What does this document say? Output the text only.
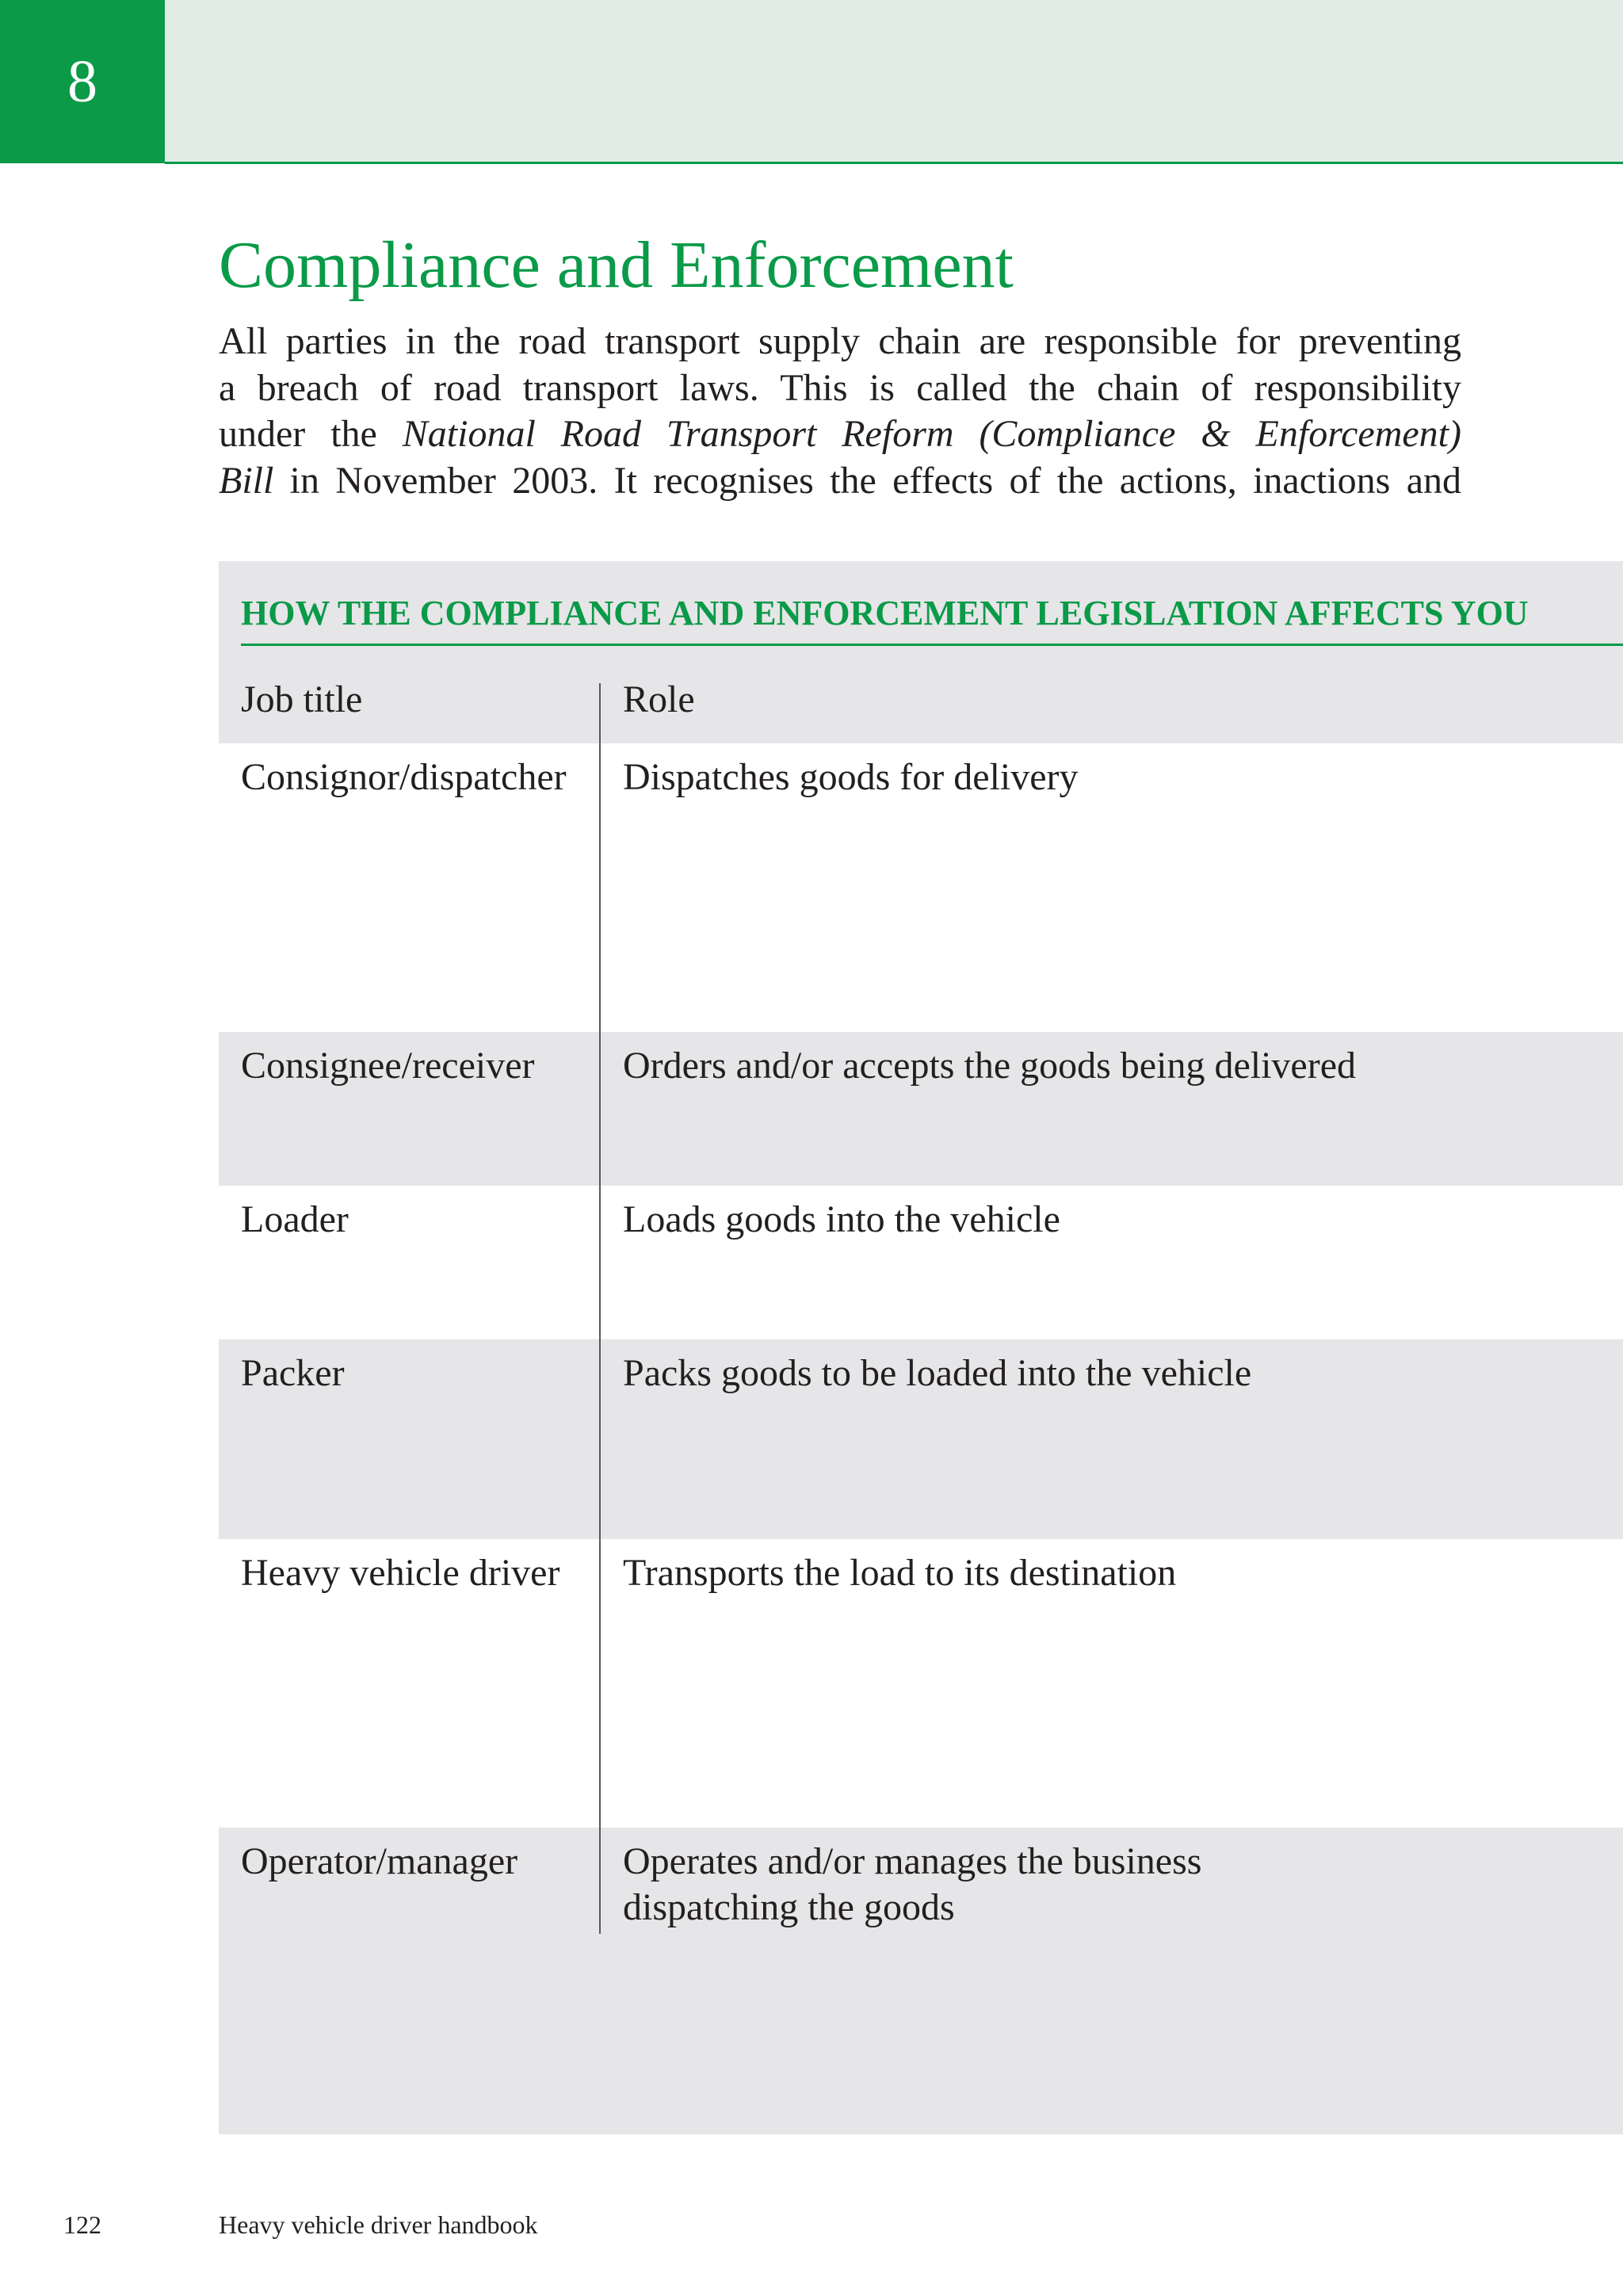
8
Compliance and Enforcement
All parties in the road transport supply chain are responsible for preventing
a breach of road transport laws. This is called the chain of responsibility
under the National Road Transport Reform (Compliance & Enforcement)
Bill in November 2003. It recognises the effects of the actions, inactions and
HOW THE COMPLIANCE AND ENFORCEMENT LEGISLATION AFFECTS YOU
Job title	Role
Consignor/dispatcher	Dispatches goods for delivery
Consignee/receiver	Orders and/or accepts the goods being delivered
Loader	Loads goods into the vehicle
Packer	Packs goods to be loaded into the vehicle
Heavy vehicle driver	Transports the load to its destination
Operator/manager	Operates and/or manages the business
dispatching the goods
122	Heavy vehicle driver handbook
